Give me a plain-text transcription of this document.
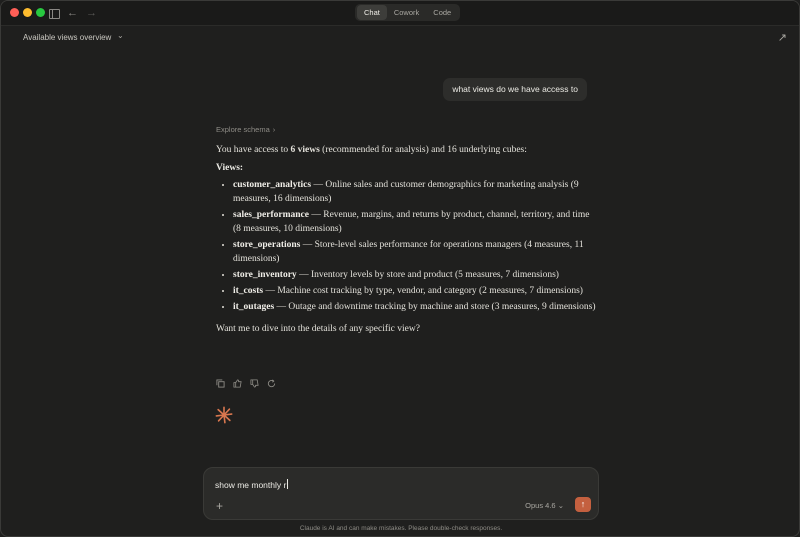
← →	Chat	Cowork	Code
Available views overview ⌄	↗
what views do we have access to
Explore schema ›

You have access to 6 views (recommended for analysis) and 16 underlying cubes:

Views:

• customer_analytics — Online sales and customer demographics for marketing analysis (9 measures, 16 dimensions)
• sales_performance — Revenue, margins, and returns by product, channel, territory, and time (8 measures, 10 dimensions)
• store_operations — Store-level sales performance for operations managers (4 measures, 11 dimensions)
• store_inventory — Inventory levels by store and product (5 measures, 7 dimensions)
• it_costs — Machine cost tracking by type, vendor, and category (2 measures, 7 dimensions)
• it_outages — Outage and downtime tracking by machine and store (3 measures, 9 dimensions)

Want me to dive into the details of any specific view?

show me monthly r
+	Opus 4.6 ⌄	↑
Claude is AI and can make mistakes. Please double-check responses.
